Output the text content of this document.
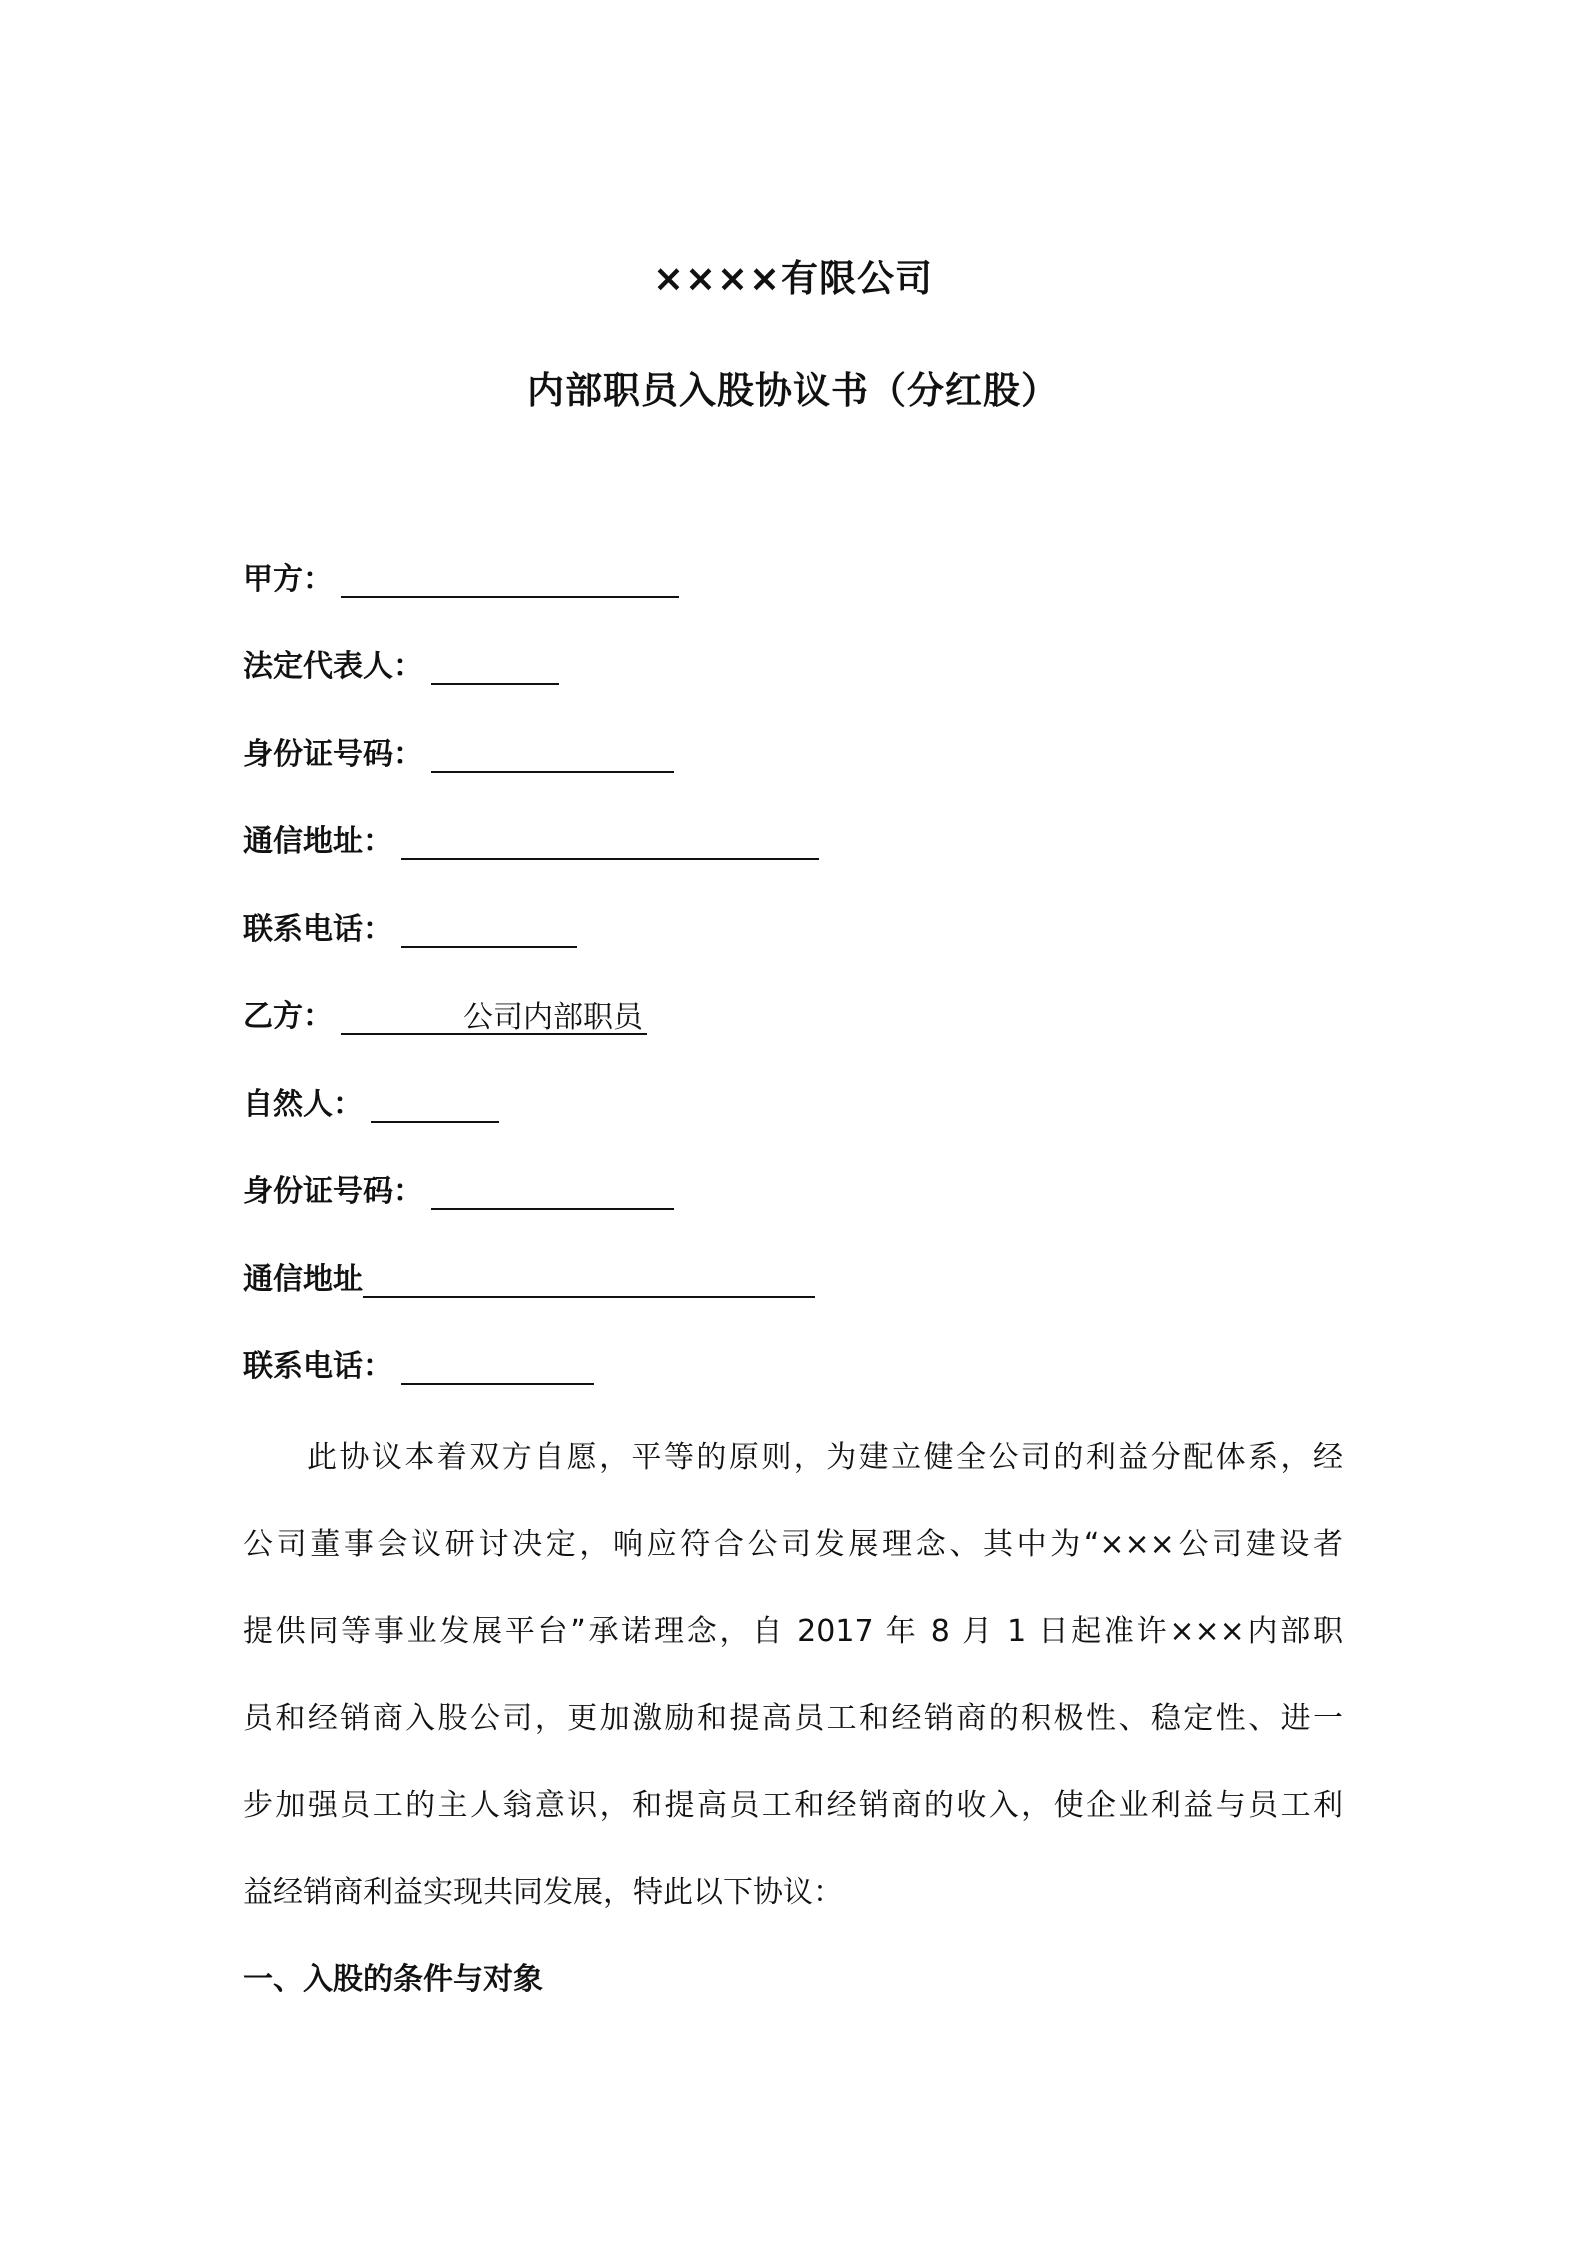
××××有限公司
内部职员入股协议书（分红股）
甲方：
法定代表人：
身份证号码：
通信地址：
联系电话：
乙方：	公司内部职员
自然人：
身份证号码：
通信地址
联系电话：
此协议本着双方自愿，平等的原则，为建立健全公司的利益分配体系，经
公司董事会议研讨决定，响应符合公司发展理念、其中为“×××公司建设者
提供同等事业发展平台”承诺理念，自 2017 年 8 月 1 日起准许×××内部职
员和经销商入股公司，更加激励和提高员工和经销商的积极性、稳定性、进一
步加强员工的主人翁意识，和提高员工和经销商的收入，使企业利益与员工利
益经销商利益实现共同发展，特此以下协议：
一、入股的条件与对象
